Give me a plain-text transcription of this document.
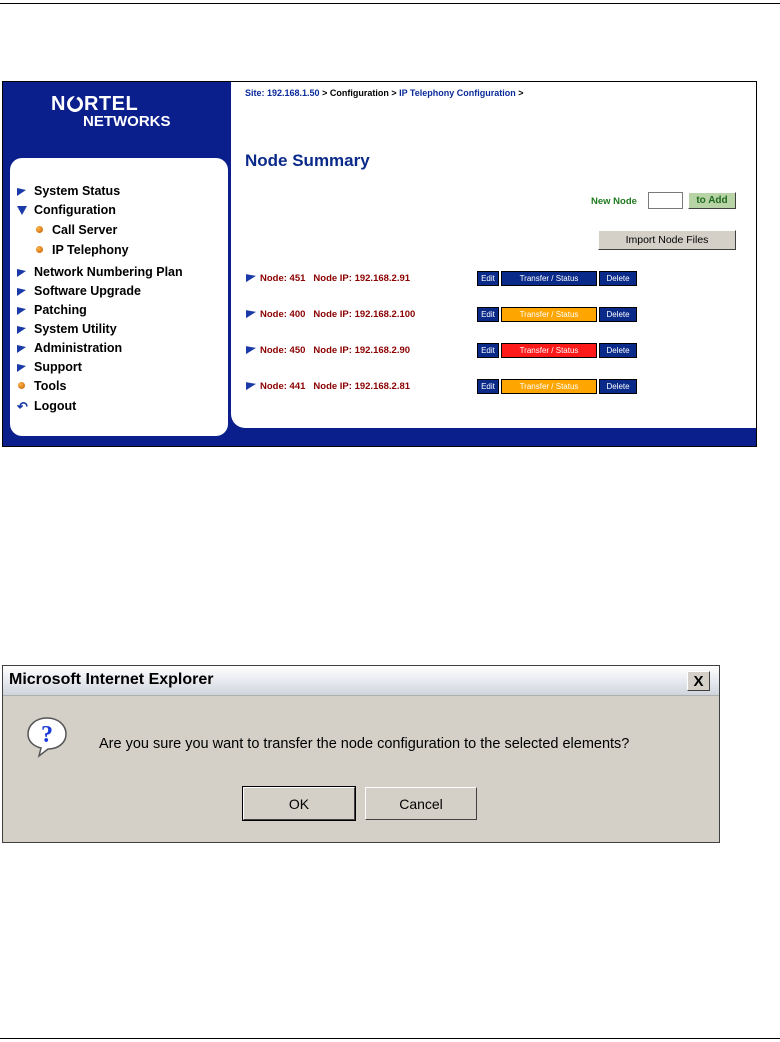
N RTEL
NETWORKS
System Status
Configuration
Call Server
IP Telephony
Network Numbering Plan
Software Upgrade
Patching
System Utility
Administration
Support
Tools
↶ Logout
Site: 192.168.1.50 > Configuration > IP Telephony Configuration >
Node Summary
New Node	to Add
Import Node Files
Node: 451 Node IP: 192.168.2.91	Edit	Transfer / Status	Delete
Node: 400 Node IP: 192.168.2.100	Edit	Transfer / Status	Delete
Node: 450 Node IP: 192.168.2.90	Edit	Transfer / Status	Delete
Node: 441 Node IP: 192.168.2.81	Edit	Transfer / Status	Delete
Microsoft Internet Explorer	X
?	Are you sure you want to transfer the node configuration to the selected elements?
OK	Cancel
